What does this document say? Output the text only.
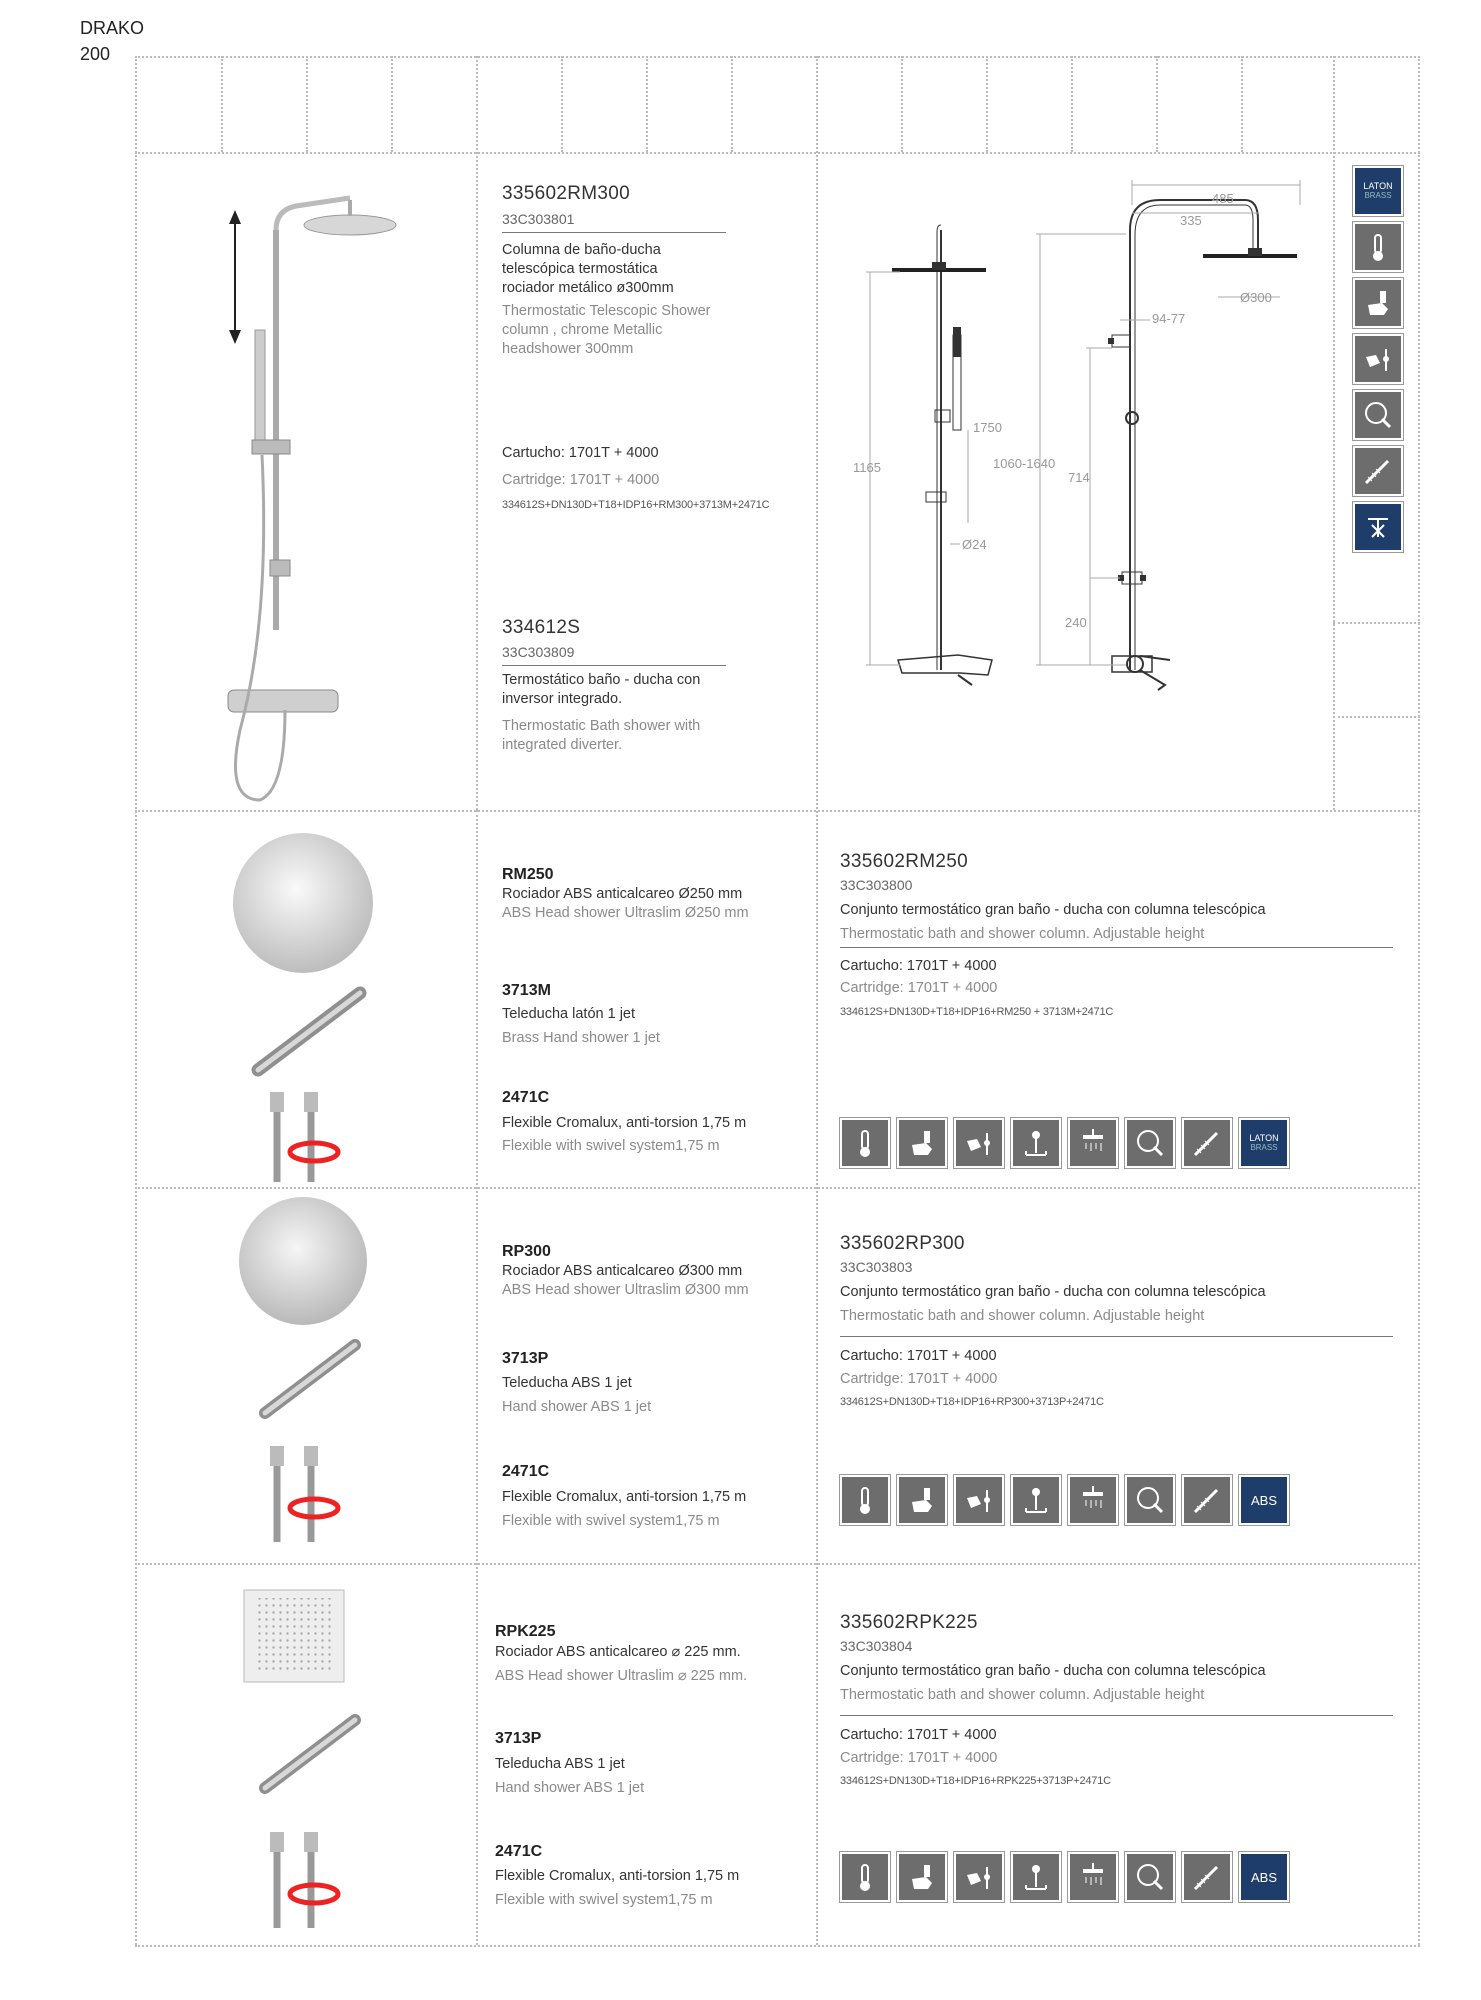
DRAKO
200
335602RM300
33C303801
Columna de baño-ducha
telescópica termostática
rociador metálico ø300mm
Thermostatic Telescopic Shower
column , chrome Metallic
headshower 300mm
Cartucho: 1701T + 4000
Cartridge: 1701T + 4000
334612S+DN130D+T18+IDP16+RM300+3713M+2471C
334612S
33C303809
Termostático baño - ducha con
inversor integrado.
Thermostatic Bath shower with
integrated diverter.
1165
1750
Ø24
485
335
Ø300
94-77
1060-1640
714
240
LATON
BRASS
RM250
Rociador ABS anticalcareo Ø250 mm
ABS Head shower Ultraslim Ø250 mm
3713M
Teleducha latón 1 jet
Brass Hand shower 1 jet
2471C
Flexible Cromalux, anti-torsion 1,75 m
Flexible with swivel system1,75 m
335602RM250
33C303800
Conjunto termostático gran baño - ducha con columna telescópica
Thermostatic bath and shower column. Adjustable height
Cartucho: 1701T + 4000
Cartridge: 1701T + 4000
334612S+DN130D+T18+IDP16+RM250 + 3713M+2471C
LATON
BRASS
RP300
Rociador ABS anticalcareo Ø300 mm
ABS Head shower Ultraslim Ø300 mm
3713P
Teleducha ABS 1 jet
Hand shower ABS 1 jet
2471C
Flexible Cromalux, anti-torsion 1,75 m
Flexible with swivel system1,75 m
335602RP300
33C303803
Conjunto termostático gran baño - ducha con columna telescópica
Thermostatic bath and shower column. Adjustable height
Cartucho: 1701T + 4000
Cartridge: 1701T + 4000
334612S+DN130D+T18+IDP16+RP300+3713P+2471C
ABS
RPK225
Rociador ABS anticalcareo ⌀ 225 mm.
ABS Head shower Ultraslim ⌀ 225 mm.
3713P
Teleducha ABS 1 jet
Hand shower ABS 1 jet
2471C
Flexible Cromalux, anti-torsion 1,75 m
Flexible with swivel system1,75 m
335602RPK225
33C303804
Conjunto termostático gran baño - ducha con columna telescópica
Thermostatic bath and shower column. Adjustable height
Cartucho: 1701T + 4000
Cartridge: 1701T + 4000
334612S+DN130D+T18+IDP16+RPK225+3713P+2471C
ABS
